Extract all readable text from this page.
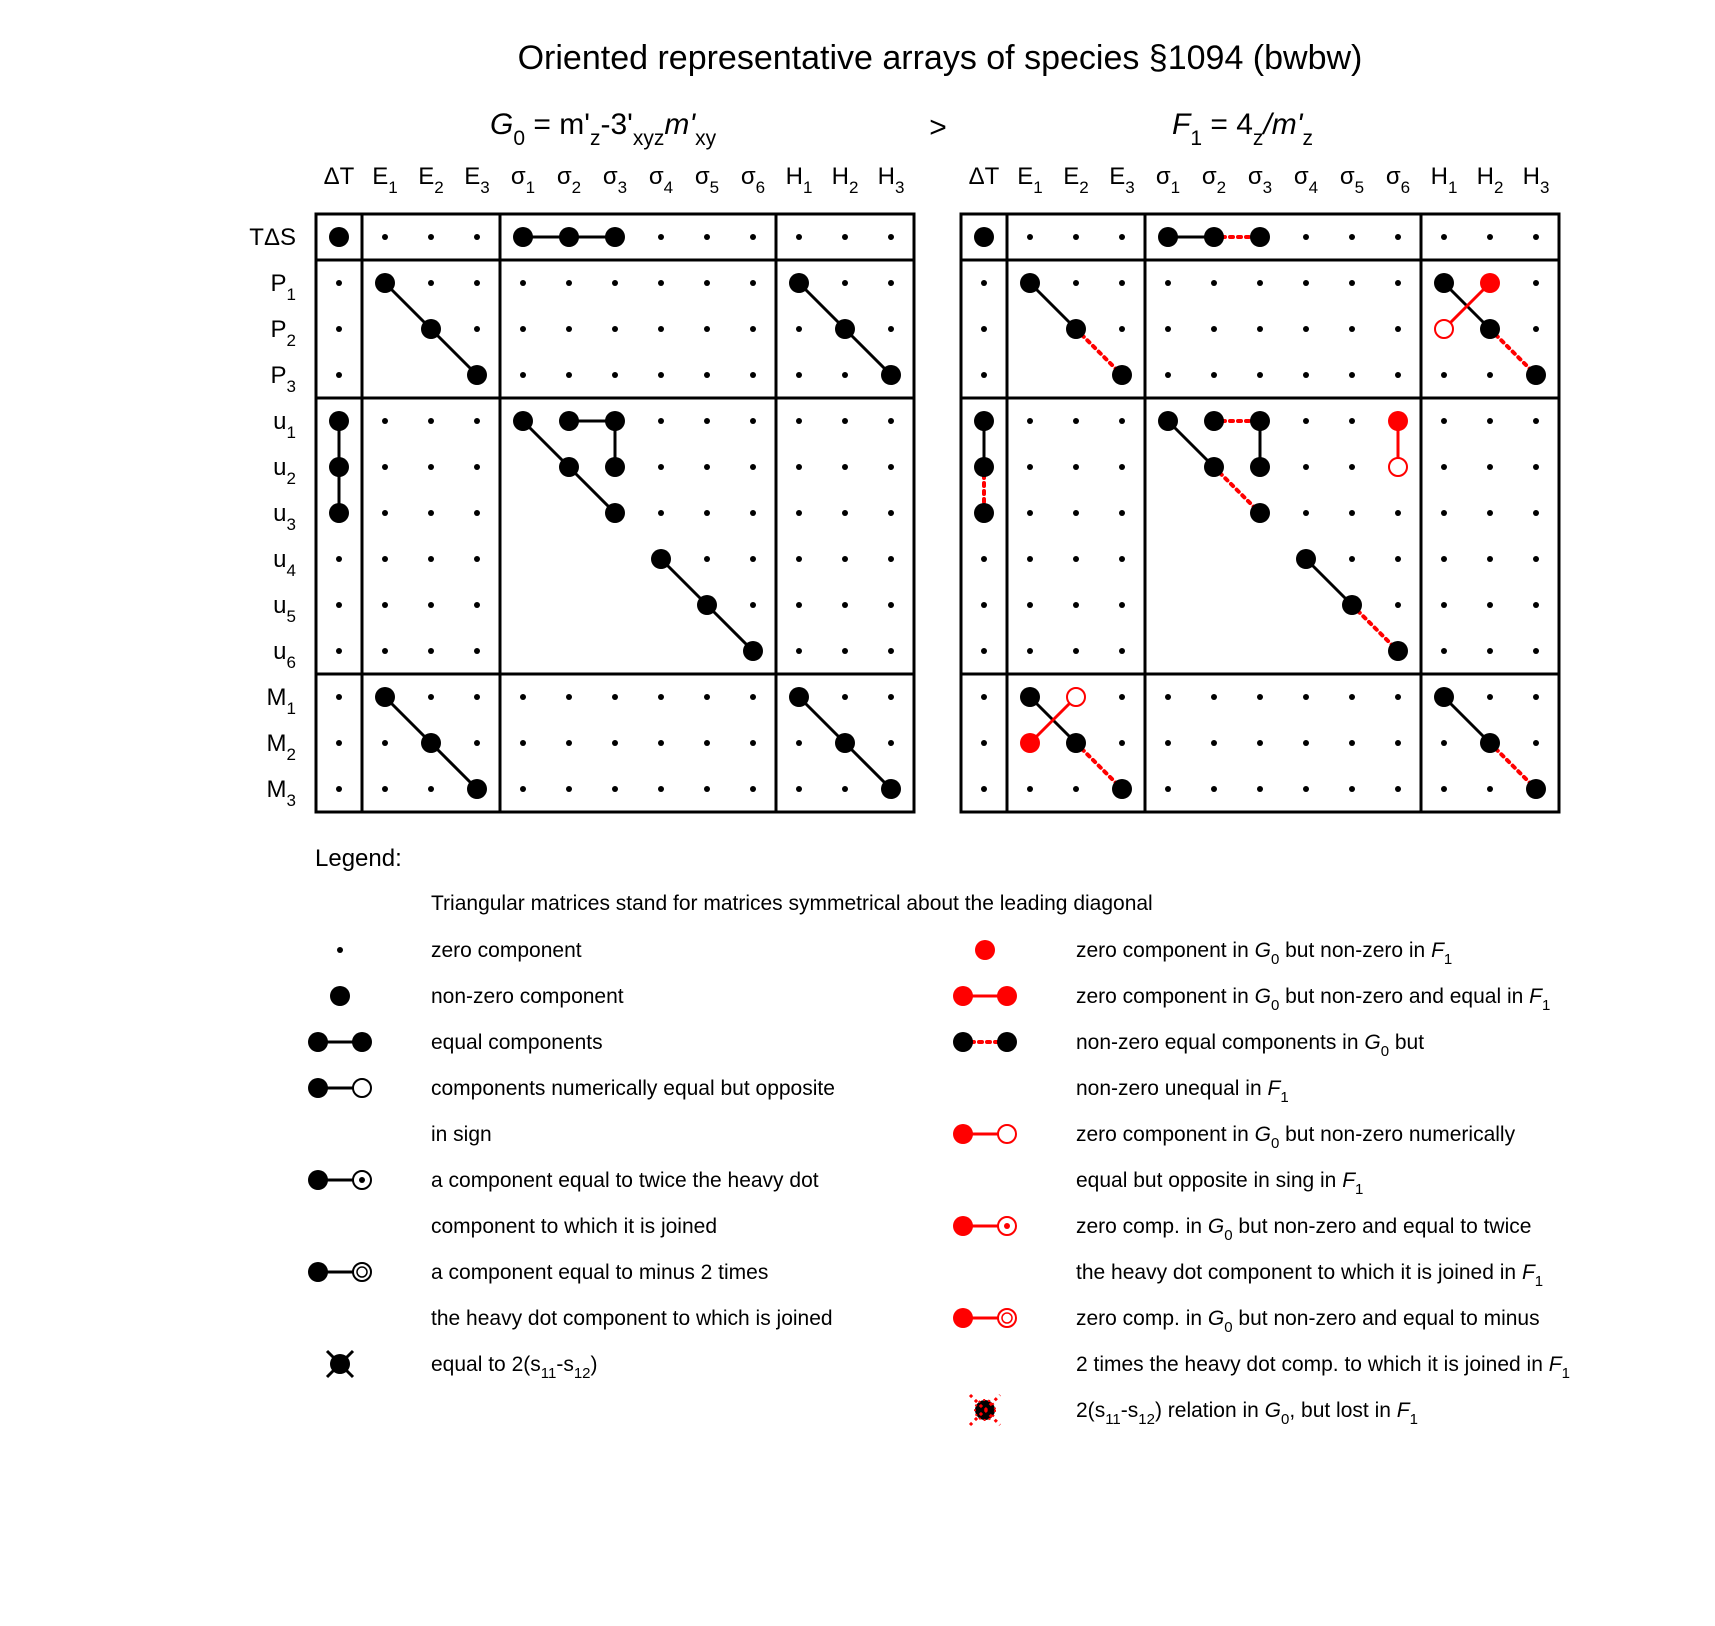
Oriented representative arrays of species §1094 (bwbw)
$G_0 = m'_z-3'_{xyz}m'_{xy}$	>	$F_1 = 4_z/m'_z$
ΔT $E_1$ $E_2$ $E_3$ $\sigma_1$ $\sigma_2$ $\sigma_3$ $\sigma_4$ $\sigma_5$ $\sigma_6$ $H_1$ $H_2$ $H_3$
TΔS
$P_1$
$P_2$
$P_3$
$u_1$
$u_2$
$u_3$
$u_4$
$u_5$
$u_6$
$M_1$
$M_2$
$M_3$
ΔT $E_1$ $E_2$ $E_3$ $\sigma_1$ $\sigma_2$ $\sigma_3$ $\sigma_4$ $\sigma_5$ $\sigma_6$ $H_1$ $H_2$ $H_3$
Legend:
Triangular matrices stand for matrices symmetrical about the leading diagonal
zero component
non-zero component
equal components
components numerically equal but opposite
in sign
a component equal to twice the heavy dot
component to which it is joined
a component equal to minus 2 times
the heavy dot component to which is joined
equal to $2(s_{11}-s_{12})$
zero component in $G_0$ but non-zero in $F_1$
zero component in $G_0$ but non-zero and equal in $F_1$
non-zero equal components in $G_0$ but
non-zero unequal in $F_1$
zero component in $G_0$ but non-zero numerically
equal but opposite in sing in $F_1$
zero comp. in $G_0$ but non-zero and equal to twice
the heavy dot component to which it is joined in $F_1$
zero comp. in $G_0$ but non-zero and equal to minus
2 times the heavy dot comp. to which it is joined in $F_1$
$2(s_{11}-s_{12})$ relation in $G_0$, but lost in $F_1$
